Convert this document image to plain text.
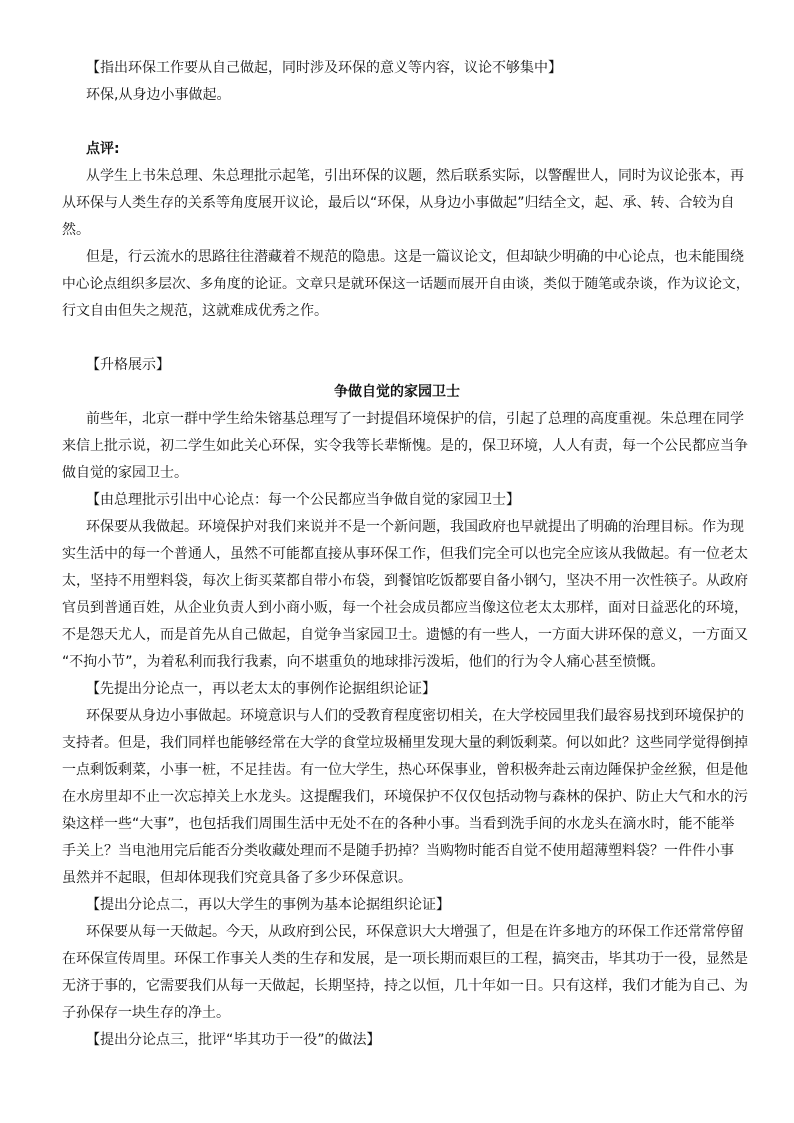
【指出环保工作要从自己做起，同时涉及环保的意义等内容，议论不够集中】
环保,从身边小事做起。
点评:
从学生上书朱总理、朱总理批示起笔，引出环保的议题，然后联系实际，以警醒世人，同时为议论张本，再
从环保与人类生存的关系等角度展开议论，最后以“环保，从身边小事做起”归结全文，起、承、转、合较为自
然。
但是，行云流水的思路往往潜藏着不规范的隐患。这是一篇议论文，但却缺少明确的中心论点，也未能围绕
中心论点组织多层次、多角度的论证。文章只是就环保这一话题而展开自由谈，类似于随笔或杂谈，作为议论文，
行文自由但失之规范，这就难成优秀之作。
【升格展示】
争做自觉的家园卫士
前些年，北京一群中学生给朱镕基总理写了一封提倡环境保护的信，引起了总理的高度重视。朱总理在同学
来信上批示说，初二学生如此关心环保，实令我等长辈惭愧。是的，保卫环境，人人有责，每一个公民都应当争
做自觉的家园卫士。
【由总理批示引出中心论点：每一个公民都应当争做自觉的家园卫士】
环保要从我做起。环境保护对我们来说并不是一个新问题，我国政府也早就提出了明确的治理目标。作为现
实生活中的每一个普通人，虽然不可能都直接从事环保工作，但我们完全可以也完全应该从我做起。有一位老太
太，坚持不用塑料袋，每次上街买菜都自带小布袋，到餐馆吃饭都要自备小钢勺，坚决不用一次性筷子。从政府
官员到普通百姓，从企业负责人到小商小贩，每一个社会成员都应当像这位老太太那样，面对日益恶化的环境，
不是怨天尤人，而是首先从自己做起，自觉争当家园卫士。遗憾的有一些人，一方面大讲环保的意义，一方面又
“不拘小节”，为着私利而我行我素，向不堪重负的地球排污泼垢，他们的行为令人痛心甚至愤慨。
【先提出分论点一，再以老太太的事例作论据组织论证】
环保要从身边小事做起。环境意识与人们的受教育程度密切相关，在大学校园里我们最容易找到环境保护的
支持者。但是，我们同样也能够经常在大学的食堂垃圾桶里发现大量的剩饭剩菜。何以如此？这些同学觉得倒掉
一点剩饭剩菜，小事一桩，不足挂齿。有一位大学生，热心环保事业，曾积极奔赴云南边陲保护金丝猴，但是他
在水房里却不止一次忘掉关上水龙头。这提醒我们，环境保护不仅仅包括动物与森林的保护、防止大气和水的污
染这样一些“大事”，也包括我们周围生活中无处不在的各种小事。当看到洗手间的水龙头在滴水时，能不能举
手关上？当电池用完后能否分类收藏处理而不是随手扔掉？当购物时能否自觉不使用超薄塑料袋？一件件小事
虽然并不起眼，但却体现我们究竟具备了多少环保意识。
【提出分论点二，再以大学生的事例为基本论据组织论证】
环保要从每一天做起。今天，从政府到公民，环保意识大大增强了，但是在许多地方的环保工作还常常停留
在环保宣传周里。环保工作事关人类的生存和发展，是一项长期而艰巨的工程，搞突击，毕其功于一役，显然是
无济于事的，它需要我们从每一天做起，长期坚持，持之以恒，几十年如一日。只有这样，我们才能为自己、为
子孙保存一块生存的净土。
【提出分论点三，批评“毕其功于一役”的做法】
